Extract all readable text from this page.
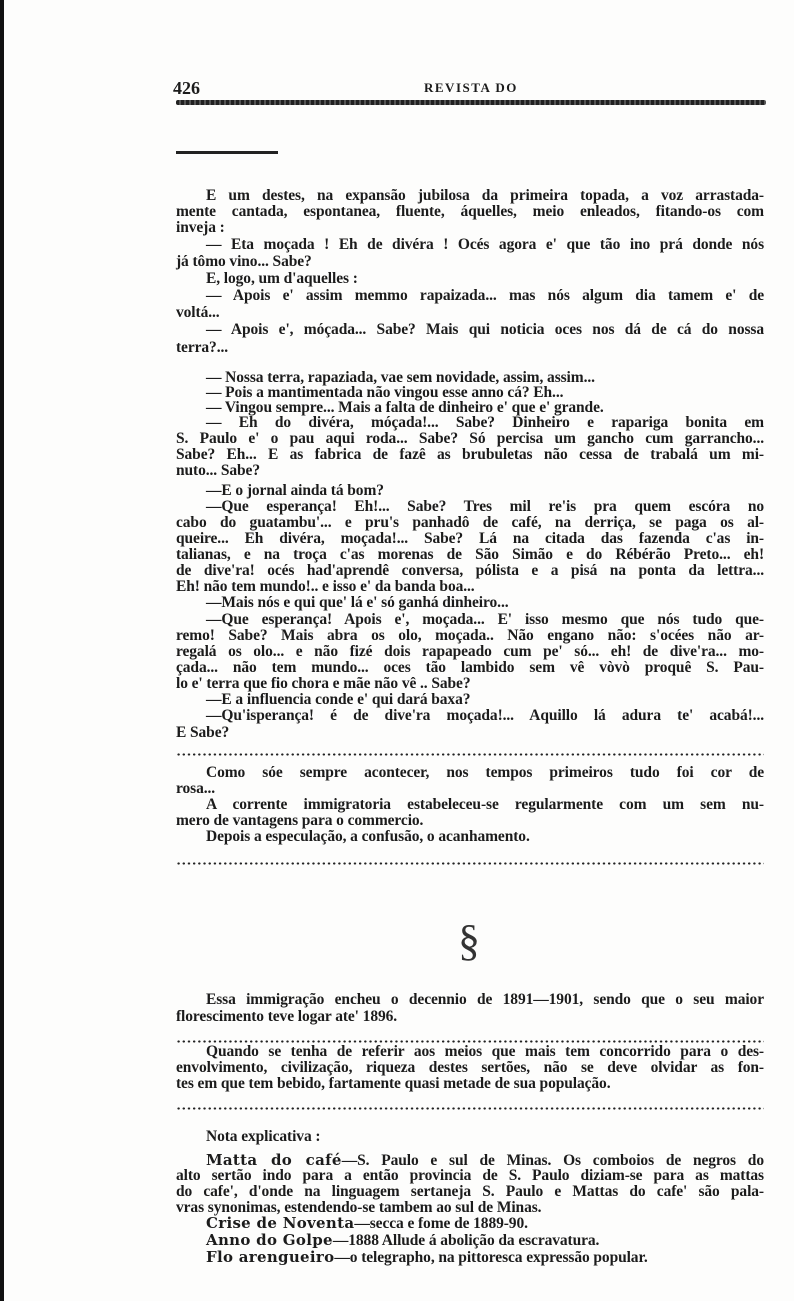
426	REVISTA DO
§
E um destes, na expansão jubilosa da primeira topada, a voz arrastada-
mente cantada, espontanea, fluente, áquelles, meio enleados, fitando-os com
inveja :
— Eta moçada ! Eh de divéra ! Océs agora e' que tão ino prá donde nós
já tômo vino... Sabe?
E, logo, um d'aquelles :
— Apois e' assim memmo rapaizada... mas nós algum dia tamem e' de
voltá...
— Apois e', móçada... Sabe? Mais qui noticia oces nos dá de cá do nossa
terra?...
— Nossa terra, rapaziada, vae sem novidade, assim, assim...
— Pois a mantimentada não vingou esse anno cá? Eh...
— Vingou sempre... Mais a falta de dinheiro e' que e' grande.
— Eh do divéra, móçada!... Sabe? Dinheiro e rapariga bonita em
S. Paulo e' o pau aqui roda... Sabe? Só percisa um gancho cum garrancho...
Sabe? Eh... E as fabrica de fazê as brubuletas não cessa de trabalá um mi-
nuto... Sabe?
—E o jornal ainda tá bom?
—Que esperança! Eh!... Sabe? Tres mil re'is pra quem escóra no
cabo do guatambu'... e pru's panhadô de café, na derriça, se paga os al-
queire... Eh divéra, moçada!... Sabe? Lá na citada das fazenda c'as in-
talianas, e na troça c'as morenas de São Simão e do Rébérão Preto... eh!
de dive'ra! océs had'aprendê conversa, pólista e a pisá na ponta da lettra...
Eh! não tem mundo!.. e isso e' da banda boa...
—Mais nós e qui que' lá e' só ganhá dinheiro...
—Que esperança! Apois e', moçada... E' isso mesmo que nós tudo que-
remo! Sabe? Mais abra os olo, moçada.. Não engano não: s'océes não ar-
regalá os olo... e não fizé dois rapapeado cum pe' só... eh! de dive'ra... mo-
çada... não tem mundo... oces tão lambido sem vê vòvò proquê S. Pau-
lo e' terra que fio chora e mãe não vê .. Sabe?
—E a influencia conde e' qui dará baxa?
—Qu'isperança! é de dive'ra moçada!... Aquillo lá adura te' acabá!...
E Sabe?
Como sóe sempre acontecer, nos tempos primeiros tudo foi cor de
rosa...
A corrente immigratoria estabeleceu-se regularmente com um sem nu-
mero de vantagens para o commercio.
Depois a especulação, a confusão, o acanhamento.
Essa immigração encheu o decennio de 1891—1901, sendo que o seu maior
florescimento teve logar ate' 1896.
Quando se tenha de referir aos meios que mais tem concorrido para o des-
envolvimento, civilização, riqueza destes sertões, não se deve olvidar as fon-
tes em que tem bebido, fartamente quasi metade de sua população.
Nota explicativa :
Matta do café—S. Paulo e sul de Minas. Os comboios de negros do
alto sertão indo para a então provincia de S. Paulo diziam-se para as mattas
do cafe', d'onde na linguagem sertaneja S. Paulo e Mattas do cafe' são pala-
vras synonimas, estendendo-se tambem ao sul de Minas.
Crise de Noventa—secca e fome de 1889-90.
Anno do Golpe—1888 Allude á abolição da escravatura.
Flo arengueiro—o telegrapho, na pittoresca expressão popular.
